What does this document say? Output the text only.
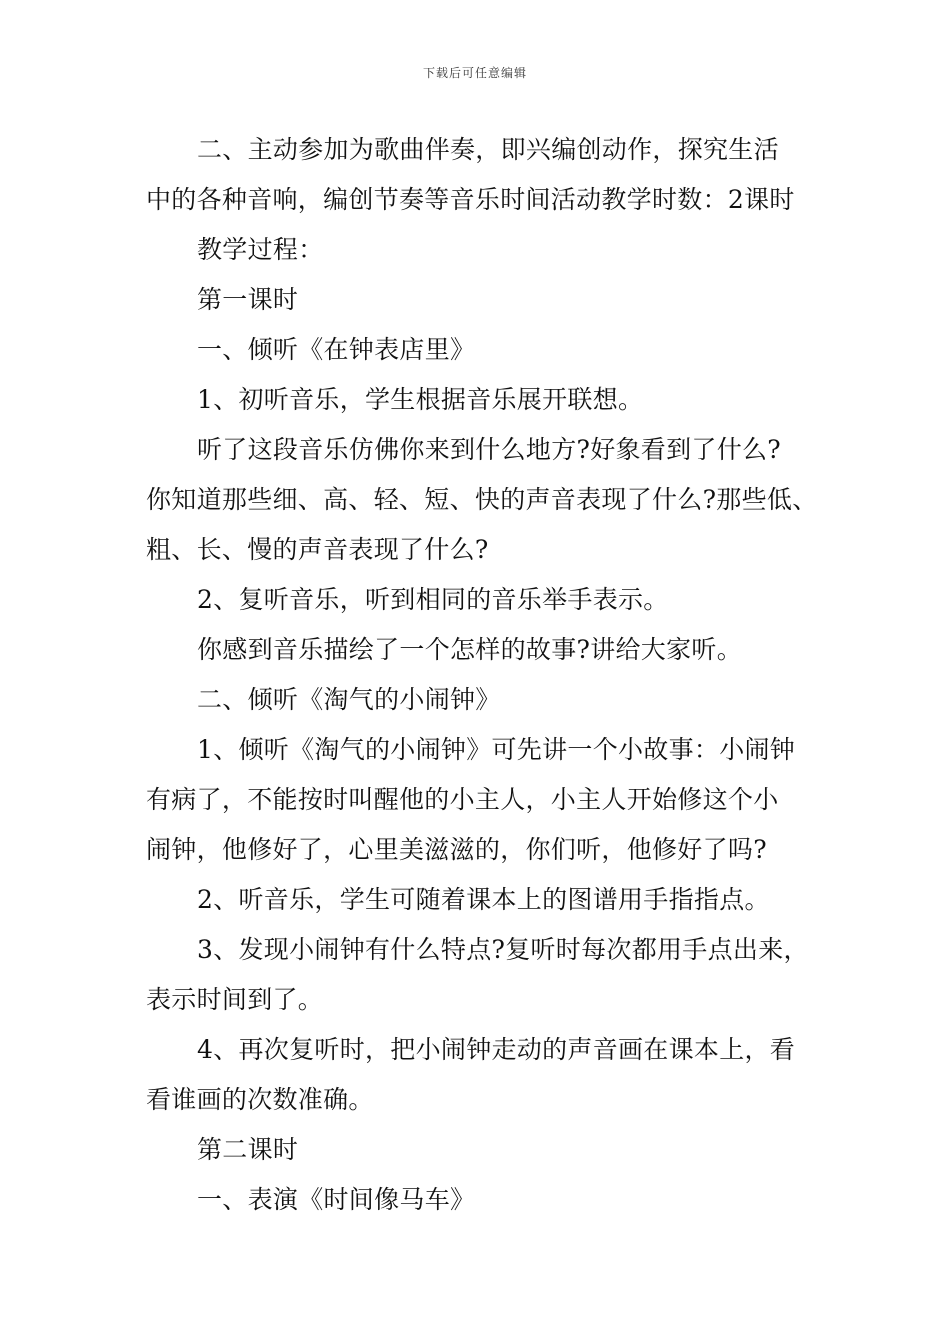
下载后可任意编辑

二、主动参加为歌曲伴奏，即兴编创动作，探究生活

中的各种音响，编创节奏等音乐时间活动教学时数：2课时

教学过程：

第一课时

一、倾听《在钟表店里》

1、初听音乐，学生根据音乐展开联想。

听了这段音乐仿佛你来到什么地方?好象看到了什么?

你知道那些细、高、轻、短、快的声音表现了什么?那些低、

粗、长、慢的声音表现了什么?

2、复听音乐，听到相同的音乐举手表示。

你感到音乐描绘了一个怎样的故事?讲给大家听。

二、倾听《淘气的小闹钟》

1、倾听《淘气的小闹钟》可先讲一个小故事：小闹钟

有病了，不能按时叫醒他的小主人，小主人开始修这个小

闹钟，他修好了，心里美滋滋的，你们听，他修好了吗?

2、听音乐，学生可随着课本上的图谱用手指指点。

3、发现小闹钟有什么特点?复听时每次都用手点出来，

表示时间到了。

4、再次复听时，把小闹钟走动的声音画在课本上，看

看谁画的次数准确。

第二课时

一、表演《时间像马车》
